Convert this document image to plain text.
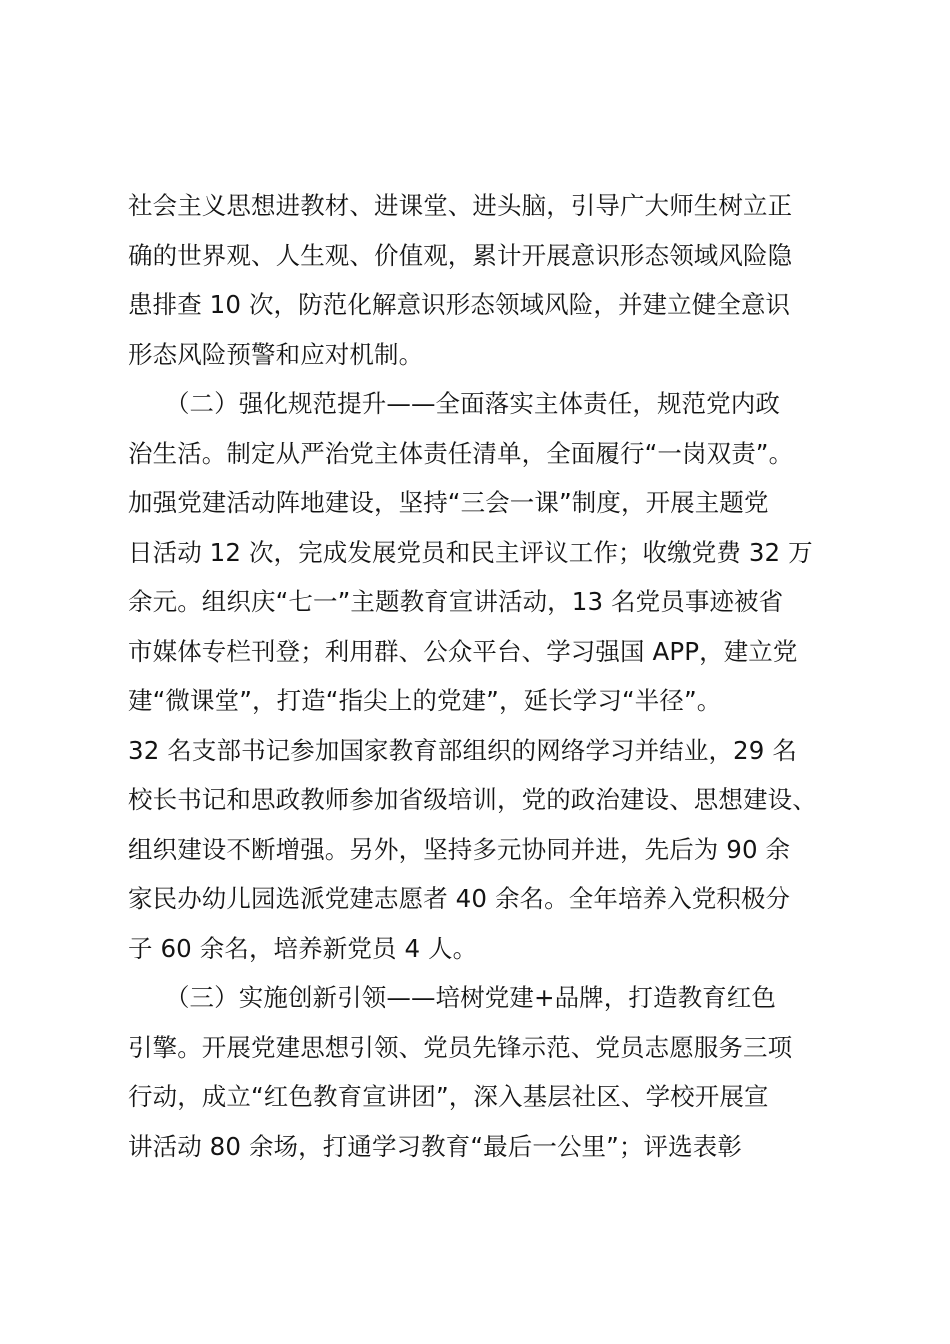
社会主义思想进教材、进课堂、进头脑，引导广大师生树立正
确的世界观、人生观、价值观，累计开展意识形态领域风险隐
患排查 10 次，防范化解意识形态领域风险，并建立健全意识
形态风险预警和应对机制。
　　（二）强化规范提升——全面落实主体责任，规范党内政
治生活。制定从严治党主体责任清单，全面履行“一岗双责”。
加强党建活动阵地建设，坚持“三会一课”制度，开展主题党
日活动 12 次，完成发展党员和民主评议工作；收缴党费 32 万
余元。组织庆“七一”主题教育宣讲活动，13 名党员事迹被省
市媒体专栏刊登；利用群、公众平台、学习强国 APP，建立党
建“微课堂”，打造“指尖上的党建”，延长学习“半径”。
32 名支部书记参加国家教育部组织的网络学习并结业，29 名
校长书记和思政教师参加省级培训，党的政治建设、思想建设、
组织建设不断增强。另外，坚持多元协同并进，先后为 90 余
家民办幼儿园选派党建志愿者 40 余名。全年培养入党积极分
子 60 余名，培养新党员 4 人。
　　（三）实施创新引领——培树党建+品牌，打造教育红色
引擎。开展党建思想引领、党员先锋示范、党员志愿服务三项
行动，成立“红色教育宣讲团”，深入基层社区、学校开展宣
讲活动 80 余场，打通学习教育“最后一公里”；评选表彰
